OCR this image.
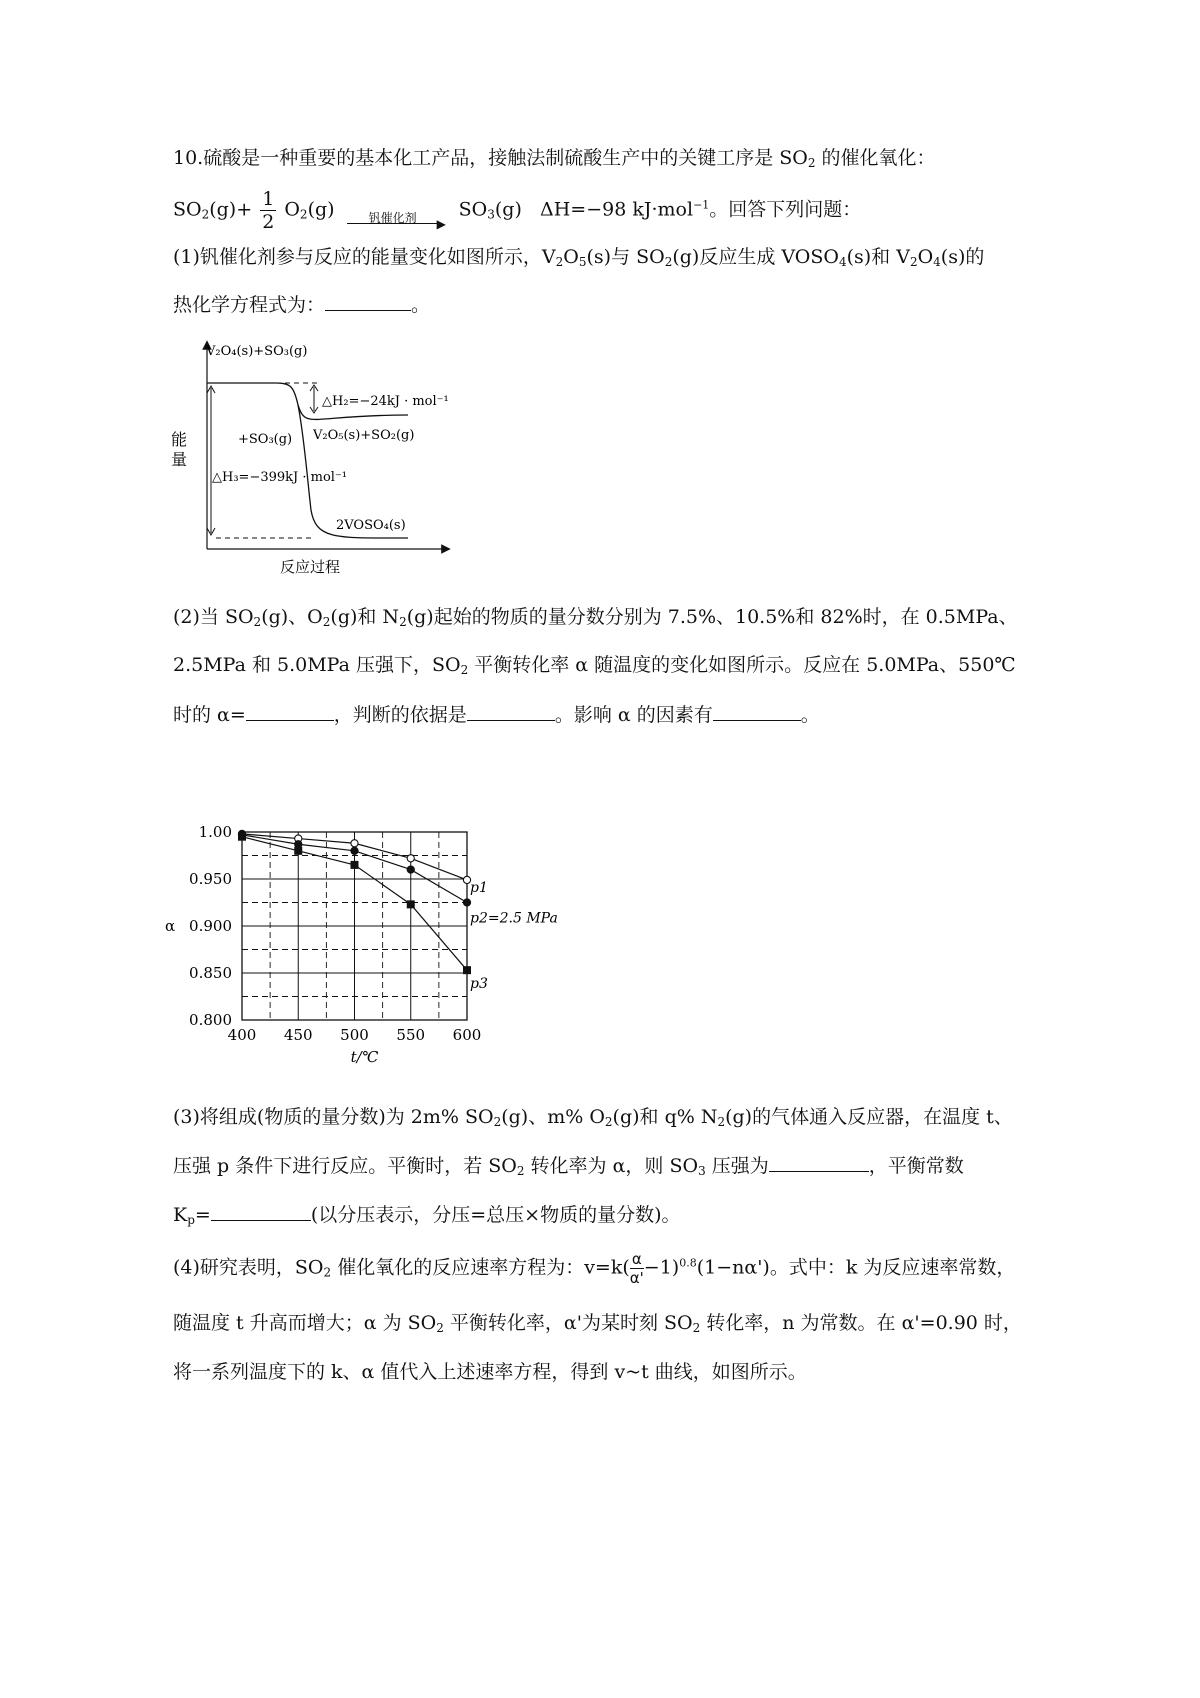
10.硫酸是一种重要的基本化工产品，接触法制硫酸生产中的关键工序是 $SO_2$ 的催化氧化：
$SO_2(g)+ \frac{1}{2} O_2(g)$	钒催化剂	▶
$SO_3(g)$ ΔH=−98 kJ·mol$^{-1}$。回答下列问题：
(1)钒催化剂参与反应的能量变化如图所示，$V_2O_5(s)$与 $SO_2(g)$反应生成 $VOSO_4(s)$和 $V_2O_4(s)$的
热化学方程式为：	。
能
量
V₂O₄(s)+SO₃(g)
△H₂=−24kJ · mol⁻¹
+SO₃(g) V₂O₅(s)+SO₂(g)
△H₃=−399kJ · mol⁻¹
2VOSO₄(s)
反应过程
(2)当 $SO_2(g)$、$O_2(g)$和 $N_2(g)$起始的物质的量分数分别为 7.5%、10.5%和 82%时，在 0.5MPa、
2.5MPa 和 5.0MPa 压强下，$SO_2$ 平衡转化率 α 随温度的变化如图所示。反应在 5.0MPa、550℃
时的 α=	，判断的依据是	。影响 α 的因素有	。
400 450 500 550 600
0.800
0.850
0.900
0.950
1.00
t/℃
α
p1
p2=2.5 MPa
p3
(3)将组成(物质的量分数)为 2m% $SO_2(g)$、m% $O_2(g)$和 q% $N_2(g)$的气体通入反应器，在温度 t、
压强 p 条件下进行反应。平衡时，若 $SO_2$ 转化率为 α，则 $SO_3$ 压强为	，平衡常数
$K_p=$	(以分压表示，分压=总压×物质的量分数)。
(4)研究表明，$SO_2$ 催化氧化的反应速率方程为：$v=k( \frac{\alpha}{\alpha'} -1)^{0.8}(1-n\alpha')$。式中：k 为反应速率常数，
随温度 t 升高而增大；α 为 $SO_2$ 平衡转化率，α'为某时刻 $SO_2$ 转化率，n 为常数。在 α'=0.90 时，
将一系列温度下的 k、α 值代入上述速率方程，得到 v~t 曲线，如图所示。
